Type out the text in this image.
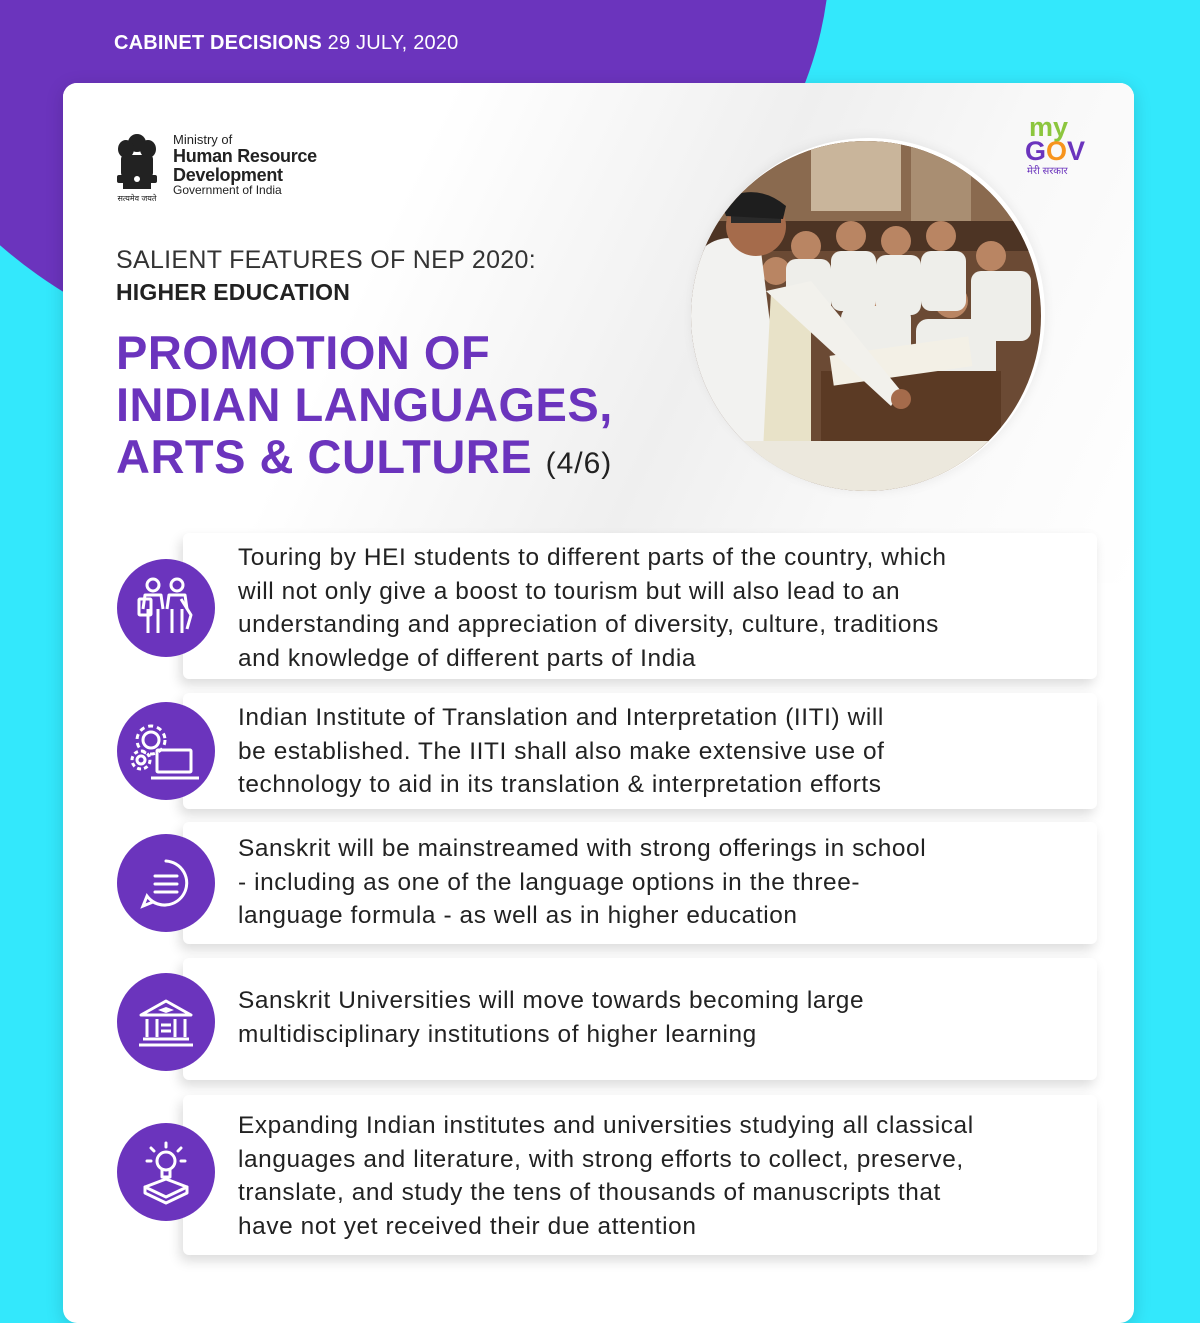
CABINET DECISIONS 29 JULY, 2020
सत्यमेव जयते
Ministry of
Human Resource
Development
Government of India
my
GOV
मेरी सरकार
SALIENT FEATURES OF NEP 2020:
HIGHER EDUCATION
PROMOTION OF
INDIAN LANGUAGES,
ARTS & CULTURE (4/6)
Touring by HEI students to different parts of the country, which
will not only give a boost to tourism but will also lead to an
understanding and appreciation of diversity, culture, traditions
and knowledge of different parts of India
Indian Institute of Translation and Interpretation (IITI) will
be established. The IITI shall also make extensive use of
technology to aid in its translation & interpretation efforts
Sanskrit will be mainstreamed with strong offerings in school
- including as one of the language options in the three-
language formula - as well as in higher education
Sanskrit Universities will move towards becoming large
multidisciplinary institutions of higher learning
Expanding Indian institutes and universities studying all classical
languages and literature, with strong efforts to collect, preserve,
translate, and study the tens of thousands of manuscripts that
have not yet received their due attention
